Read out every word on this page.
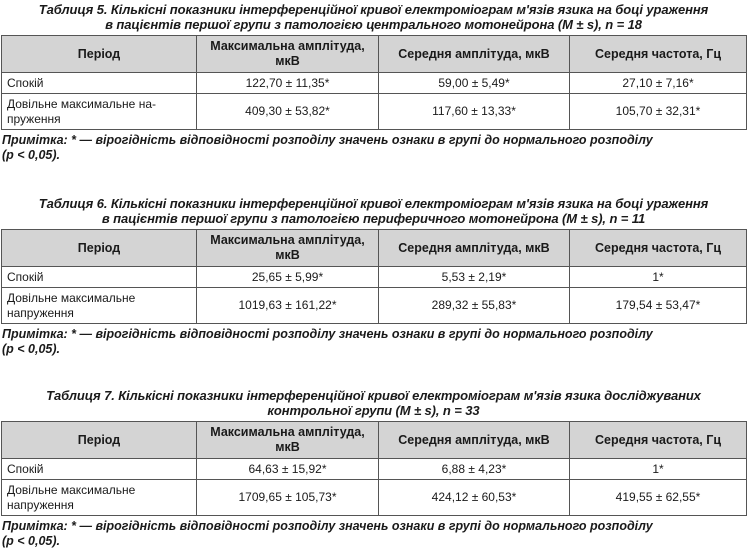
Таблиця 5. Кількісні показники інтерференційної кривої електроміограм м'язів язика на боці ураження
в пацієнтів першої групи з патологією центрального мотонейрона (M ± s), n = 18
Період	Максимальна амплітуда, мкВ	Середня амплітуда, мкВ	Середня частота, Гц
Спокій	122,70 ± 11,35*	59,00 ± 5,49*	27,10 ± 7,16*
Довільне максимальне на-пруження	409,30 ± 53,82*	117,60 ± 13,33*	105,70 ± 32,31*
Примітка: * — вірогідність відповідності розподілу значень ознаки в групі до нормального розподілу
(p < 0,05).
Таблиця 6. Кількісні показники інтерференційної кривої електроміограм м'язів язика на боці ураження
в пацієнтів першої групи з патологією периферичного мотонейрона (M ± s), n = 11
Період	Максимальна амплітуда, мкВ	Середня амплітуда, мкВ	Середня частота, Гц
Спокій	25,65 ± 5,99*	5,53 ± 2,19*	1*
Довільне максимальне напруження	1019,63 ± 161,22*	289,32 ± 55,83*	179,54 ± 53,47*
Примітка: * — вірогідність відповідності розподілу значень ознаки в групі до нормального розподілу
(p < 0,05).
Таблиця 7. Кількісні показники інтерференційної кривої електроміограм м'язів язика досліджуваних
контрольної групи (M ± s), n = 33
Період	Максимальна амплітуда, мкВ	Середня амплітуда, мкВ	Середня частота, Гц
Спокій	64,63 ± 15,92*	6,88 ± 4,23*	1*
Довільне максимальне напруження	1709,65 ± 105,73*	424,12 ± 60,53*	419,55 ± 62,55*
Примітка: * — вірогідність відповідності розподілу значень ознаки в групі до нормального розподілу
(p < 0,05).
